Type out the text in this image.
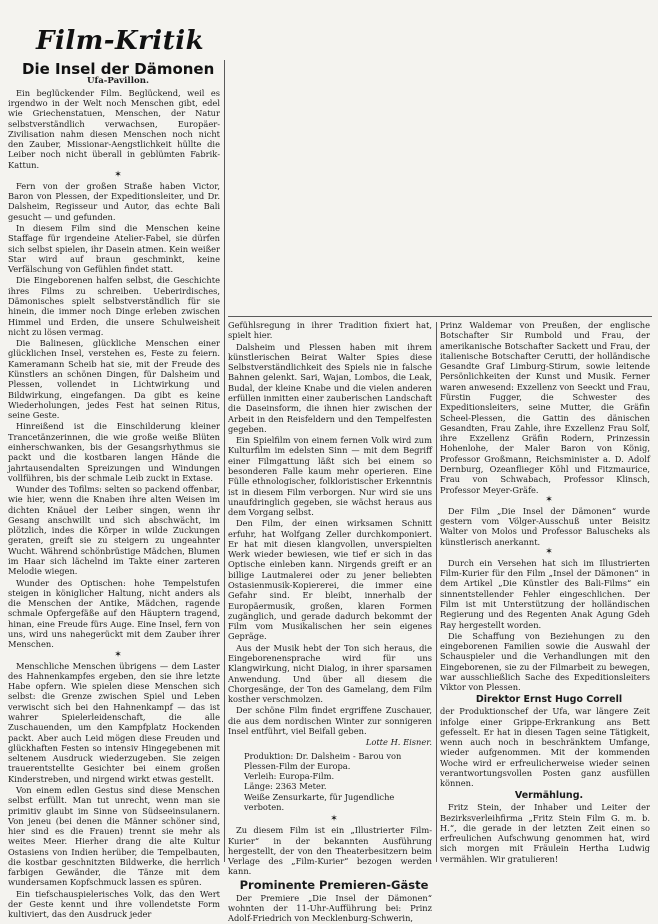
Film-Kritik
Die Insel der Dämonen

Ufa-Pavillon.

Ein beglückender Film. Beglückend, weil es irgendwo in der Welt noch Menschen gibt, edel wie Griechenstatuen, Menschen, der Natur selbstverständlich verwachsen, Europäer-Zivilisation nahm diesen Menschen noch nicht den Zauber, Missionar-Aengstlichkeit hüllte die Leiber noch nicht überall in geblümten Fabrik-Kattun.

✶

Fern von der großen Straße haben Victor, Baron von Plessen, der Expeditionsleiter, und Dr. Dalsheim, Regisseur und Autor, das echte Bali gesucht — und gefunden.

In diesem Film sind die Menschen keine Staffage für irgendeine Atelier-Fabel, sie dürfen sich selbst spielen, ihr Dasein atmen. Kein weißer Star wird auf braun geschminkt, keine Verfälschung von Gefühlen findet statt.

Die Eingeborenen halfen selbst, die Geschichte ihres Films zu schreiben. Ueberirdisches, Dämonisches spielt selbstverständlich für sie hinein, die immer noch Dinge erleben zwischen Himmel und Erden, die unsere Schulweisheit nicht zu lösen vermag.

Die Balinesen, glückliche Menschen einer glücklichen Insel, verstehen es, Feste zu feiern. Kameramann Scheib hat sie, mit der Freude des Künstlers an schönen Dingen, für Dalsheim und Plessen, vollendet in Lichtwirkung und Bildwirkung, eingefangen. Da gibt es keine Wiederholungen, jedes Fest hat seinen Ritus, seine Geste.

Hinreißend ist die Einschilderung kleiner Trancetänzerinnen, die wie große weiße Blüten einherschwanken, bis der Gesangsrhythmus sie packt und die kostbaren langen Hände die jahrtausendalten Spreizungen und Windungen vollführen, bis der schmale Leib zuckt in Extase.

Wunder des Tofilms: selten so packend offenbar, wie hier, wenn die Knaben ihre alten Weisen im dichten Knäuel der Leiber singen, wenn ihr Gesang anschwillt und sich abschwächt, im plötzlich, indes die Körper in wilde Zuckungen geraten, greift sie zu steigern zu ungeahnter Wucht. Während schönbrüstige Mädchen, Blumen im Haar sich lächelnd im Takte einer zarteren Melodie wiegen.

Wunder des Optischen: hohe Tempelstufen steigen in königlicher Haltung, nicht anders als die Menschen der Antike, Mädchen, ragende schmale Opfergefäße auf den Häuptern tragend, hinan, eine Freude fürs Auge. Eine Insel, fern von uns, wird uns nahegerückt mit dem Zauber ihrer Menschen.

✶

Menschliche Menschen übrigens — dem Laster des Hahnenkampfes ergeben, den sie ihre letzte Habe opfern. Wie spielen diese Menschen sich selbst: die Grenze zwischen Spiel und Leben verwischt sich bei den Hahnenkampf — das ist wahrer Spielerleidenschaft, die alle Zuschauenden, um den Kampfplatz Hockenden packt. Aber auch Leid mögen diese Freuden und glückhaften Festen so intensiv Hingegebenen mit seltenem Ausdruck wiederzugeben. Sie zeigen trauerentstellte Gesichter bei einem großen Kinderstreben, und nirgend wirkt etwas gestellt.

Von einem edlen Gestus sind diese Menschen selbst erfüllt. Man tut unrecht, wenn man sie primitiv glaubt im Sinne von Südseeinsulanern. Von jeneu (bei denen die Männer schöner sind, hier sind es die Frauen) trennt sie mehr als weites Meer. Hierher drang die alte Kultur Ostasiens von Indien herüber, die Tempelbauten, die kostbar geschnitzten Bildwerke, die herrlich farbigen Gewänder, die Tänze mit dem wundersamen Kopfschmuck lassen es spüren.

Ein tiefschauspielerisches Volk, das den Wert der Geste kennt und ihre vollendetste Form kultiviert, das den Ausdruck jeder

Gefühlsregung in ihrer Tradition fixiert hat, spielt hier.

Dalsheim und Plessen haben mit ihrem künstlerischen Beirat Walter Spies diese Selbstverständlichkeit des Spiels nie in falsche Bahnen gelenkt. Sari, Wajan, Lombos, die Leak, Budal, der kleine Knabe und die vielen anderen erfüllen inmitten einer zauberischen Landschaft die Daseinsform, die ihnen hier zwischen der Arbeit in den Reisfeldern und den Tempelfesten gegeben.

Ein Spielfilm von einem fernen Volk wird zum Kulturfilm im edelsten Sinn — mit dem Begriff einer Filmgattung läßt sich bei einem so besonderen Falle kaum mehr operieren. Eine Fülle ethnologischer, folkloristischer Erkenntnis ist in diesem Film verborgen. Nur wird sie uns unaufdringlich gegeben, sie wächst heraus aus dem Vorgang selbst.

Den Film, der einen wirksamen Schnitt erfuhr, hat Wolfgang Zeller durchkomponiert. Er hat mit diesen klangvollen, unverspielten Werk wieder bewiesen, wie tief er sich in das Optische einleben kann. Nirgends greift er an billige Lautmalerei oder zu jener beliebten Ostasienmusik-Kopiererei, die immer eine Gefahr sind. Er bleibt, innerhalb der Europäermusik, großen, klaren Formen zugänglich, und gerade dadurch bekommt der Film vom Musikalischen her sein eigenes Gepräge.

Aus der Musik hebt der Ton sich heraus, die Eingeborenensprache wird für uns Klangwirkung, nicht Dialog, in ihrer sparsamen Anwendung. Und über all diesem die Chorgesänge, der Ton des Gamelang, dem Film kosther verschmolzen.

Der schöne Film findet ergriffene Zuschauer, die aus dem nordischen Winter zur sonnigeren Insel entführt, viel Beifall geben.

Lotte H. Eisner.

Produktion: Dr. Dalsheim - Barou von Plessen-Film der Europa.

Verleih: Europa-Film.

Länge: 2363 Meter.

Weiße Zensurkarte, für Jugendliche verboten.

✶

Zu diesem Film ist ein „Illustrierter Film-Kurier“ in der bekannten Ausführung hergestellt, der von den Theaterbesitzern beim Verlage des „Film-Kurier“ bezogen werden kann.

Prominente Premieren-Gäste

Der Premiere „Die Insel der Dämonen“ wohnten der 11-Uhr-Aufführung bei: Prinz Adolf-Friedrich von Mecklenburg-Schwerin,

Prinz Waldemar von Preußen, der englische Botschafter Sir Rumbold und Frau, der amerikanische Botschafter Sackett und Frau, der italienische Botschafter Cerutti, der holländische Gesandte Graf Limburg-Stirum, sowie leitende Persönlichkeiten der Kunst und Musik. Ferner waren anwesend: Exzellenz von Seeckt und Frau, Fürstin Fugger, die Schwester des Expeditionsleiters, seine Mutter, die Gräfin Scheel-Plessen, die Gattin des dänischen Gesandten, Frau Zahle, ihre Exzellenz Frau Solf, ihre Exzellenz Gräfin Rodern, Prinzessin Hohenlohe, der Maler Baron von König, Professor Großmann, Reichsminister a. D. Adolf Dernburg, Ozeanflieger Köhl und Fitzmaurice, Frau von Schwabach, Professor Klinsch, Professor Meyer-Gräfe.

✶

Der Film „Die Insel der Dämonen“ wurde gestern vom Völger-Ausschuß unter Beisitz Walter von Molos und Professor Baluscheks als künstlerisch anerkannt.

✶

Durch ein Versehen hat sich im Illustrierten Film-Kurier für den Film „Insel der Dämonen“ in dem Artikel „Die Künstler des Bali-Films“ ein sinnentstellender Fehler eingeschlichen. Der Film ist mit Unterstützung der holländischen Regierung und des Regenten Anak Agung Gdeh Ray hergestellt worden.

Die Schaffung von Beziehungen zu den eingeborenen Familien sowie die Auswahl der Schauspieler und die Verhandlungen mit den Eingeborenen, sie zu der Filmarbeit zu bewegen, war ausschließlich Sache des Expeditionsleiters Viktor von Plessen.

Direktor Ernst Hugo Correll

der Produktionschef der Ufa, war längere Zeit infolge einer Grippe-Erkrankung ans Bett gefesselt. Er hat in diesen Tagen seine Tätigkeit, wenn auch noch in beschränktem Umfange, wieder aufgenommen. Mit der kommenden Woche wird er erfreulicherweise wieder seinen verantwortungsvollen Posten ganz ausfüllen können.

Vermählung.

Fritz Stein, der Inhaber und Leiter der Bezirksverleihfirma „Fritz Stein Film G. m. b. H.“, die gerade in der letzten Zeit einen so erfreulichen Aufschwung genommen hat, wird sich morgen mit Fräulein Hertha Ludwig vermählen. Wir gratulieren!
